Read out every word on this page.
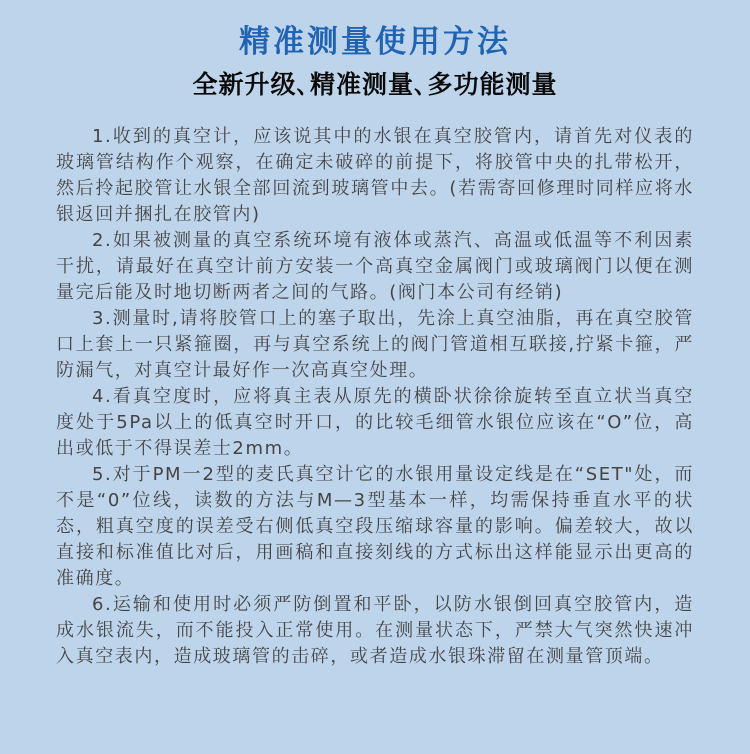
精准测量使用方法
全新升级､精准测量､多功能测量

1.收到的真空计，应该说其中的水银在真空胶管内，请首先对仪表的玻璃管结构作个观察，在确定未破碎的前提下，将胶管中央的扎带松开，然后拎起胶管让水银全部回流到玻璃管中去。(若需寄回修理时同样应将水银返回并捆扎在胶管内)

2.如果被测量的真空系统环境有液体或蒸汽、高温或低温等不利因素干扰，请最好在真空计前方安装一个高真空金属阀门或玻璃阀门以便在测量完后能及时地切断两者之间的气路。(阀门本公司有经销)

3.测量时,请将胶管口上的塞子取出，先涂上真空油脂，再在真空胶管口上套上一只紧箍圈，再与真空系统上的阀门管道相互联接,拧紧卡箍，严防漏气，对真空计最好作一次高真空处理。

4.看真空度时，应将真主表从原先的横卧状徐徐旋转至直立状当真空度处于5Pa以上的低真空时开口，的比较毛细管水银位应该在“O”位，高出或低于不得误差士2mm。

5.对于PM一2型的麦氏真空计它的水银用量设定线是在“SET"处，而不是“0”位线，读数的方法与M—3型基本一样，均需保持垂直水平的状态，粗真空度的误差受右侧低真空段压缩球容量的影响。偏差较大，故以直接和标准值比对后，用画稿和直接刻线的方式标出这样能显示出更高的准确度。

6.运输和使用时必须严防倒置和平卧，以防水银倒回真空胶管内，造成水银流失，而不能投入正常使用。在测量状态下，严禁大气突然快速冲入真空表内，造成玻璃管的击碎，或者造成水银珠滞留在测量管顶端。
